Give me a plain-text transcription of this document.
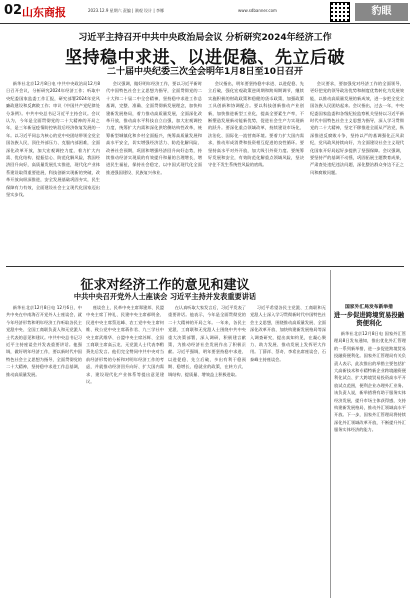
02 山东商报	2023.12.9 星期六 责编 | 满观 设计 | 李娜	www.sdbanner.com	豹眼
习近平主持召开中共中央政治局会议 分析研究2024年经济工作
坚持稳中求进、以进促稳、先立后破
二十届中央纪委三次全会明年1月8日至10日召开

新华社北京12月8日电 中共中央政治局12月8日召开会议，分析研究2024年经济工作；听取中央纪委国家监委工作汇报，研究部署2024年党风廉政建设和反腐败工作；审议《中国共产党纪律处分条例》。中共中央总书记习近平主持会议。会议认为，今年是全面贯彻党的二十大精神的开局之年，是三年新冠疫情防控转段后经济恢复发展的一年。以习近平同志为核心的党中央团结带领全党全国各族人民，顶住外部压力、克服内部困难，全面深化改革开放，加大宏观调控力度，着力扩大内需、优化结构、提振信心、防范化解风险，我国经济回升向好，高质量发展扎实推进，现代化产业体系建设取得重要进展，科技创新实现新的突破，改革开放向纵深推进，安全发展基础巩固夯实，民生保障有力有效，全面建设社会主义现代化国家迈出坚实步伐。

会议强调，做好明年经济工作，要以习近平新时代中国特色社会主义思想为指导，全面贯彻党的二十大和二十届二中全会精神，坚持稳中求进工作总基调，完整、准确、全面贯彻新发展理念，加快构建新发展格局，着力推动高质量发展，全面深化改革开放，推动高水平科技自立自强，加大宏观调控力度，统筹扩大内需和深化供给侧结构性改革，统筹新型城镇化和乡村全面振兴，统筹高质量发展和高水平安全，切实增强经济活力、防范化解风险、改善社会预期，巩固和增强经济回升向好态势，持续推动经济实现质的有效提升和量的合理增长，增进民生福祉，保持社会稳定，以中国式现代化全面推进强国建设、民族复兴伟业。

会议指出，明年要坚持稳中求进、以进促稳、先立后破，强化宏观政策逆周期和跨周期调节，继续实施积极的财政政策和稳健的货币政策，加强政策工具创新和协调配合。要以科技创新推动产业创新，加快推进新型工业化，提高全要素生产率，不断塑造发展新动能新优势，促进社会生产力实现新的跃升。要深化重点领域改革，持续建设市场化、法治化、国际化一流营商环境。要着力扩大国内需求，推动形成消费和投资相互促进的良性循环。要坚持高水平对外开放，加大吸引外资力度。要统筹好发展和安全，有效防范化解重点领域风险，坚决守住不发生系统性风险的底线。

会议要求，要加强党对经济工作的全面领导，更好把党的领导政治优势和制度优势转化为发展效能，以推动高质量发展的新成效，进一步把全党全国各族人民团结起来。会议指出，过去一年，中央纪委国家监委和各级纪检监察机关坚持以习近平新时代中国特色社会主义思想为指导，深入学习贯彻党的二十大精神，坚定不移推进全面从严治党，纵深推进反腐败斗争，坚持以严的基调强化正风肃纪，党风政风持续向好，为全面建设社会主义现代化国家开好局起好步提供了坚强保障。会议强调，要坚持严的基调不动摇，巩固拓展主题教育成果，严肃查处违纪违法问题，深化整治群众身边不正之风和腐败问题。

征求对经济工作的意见和建议
中共中央召开党外人士座谈会 习近平主持并发表重要讲话

新华社北京12月8日电 12月6日，中共中央在中南海召开党外人士座谈会，就今年经济形势和明年经济工作听取各民主党派中央、全国工商联负责人和无党派人士代表的意见和建议。中共中央总书记习近平主持座谈会并发表重要讲话。他强调，做好明年经济工作，要以新时代中国特色社会主义思想为指导，全面贯彻党的二十大精神，坚持稳中求进工作总基调，推动高质量发展。

座谈会上，民革中央主席郑建邦、民盟中央主席丁仲礼、民建中央主席郝明金、民进中央主席蔡达峰、农工党中央主席何维、致公党中央主席蒋作君、九三学社中央主席武维华、台盟中央主席苏辉、全国工商联主席高云龙、无党派人士代表李稻葵先后发言。他们完全赞同中共中央对当前经济形势的分析和对明年经济工作的考虑，并就推动经济回升向好、扩大国内需求、建设现代化产业体系等提出意见建议。

在认真听取大家发言后，习近平发表了重要讲话。他表示，今年是全面贯彻党的二十大精神的开局之年。一年来，各民主党派、工商联和无党派人士围绕中共中央重大决策部署，深入调研，积极建言献策，为推动经济社会发展作出了积极贡献。习近平强调，明年要坚持稳中求进、以进促稳、先立后破，多出有利于稳预期、稳增长、稳就业的政策，在转方式、调结构、提质量、增效益上积极进取。

习近平希望各民主党派、工商联和无党派人士深入学习贯彻新时代中国特色社会主义思想，围绕推动高质量发展、全面深化改革开放、加快构建新发展格局等深入调查研究，提出真知灼见，在凝心聚力、助力发展、推动发展上发挥更大作用。丁薛祥、蔡奇、李希出席座谈会，石泰峰主持座谈会。

国家外汇局发布新举措
进一步促进跨境贸易投融资便利化

新华社北京12月8日电 国家外汇管理局8日发布通知，推出优化外汇管理的一系列新举措，进一步促进跨境贸易投融资便利化。国家外汇管理局有关负责人表示，此次推出的举措主要包括扩大高新技术和专精特新企业跨境融资便利化试点、扩大跨境贸易投资高水平开放试点范围，便利企业办理外汇业务。该负责人说，新举措将有助于服务实体经济发展，提升市场主体获得感，支持构建新发展格局，推动外汇领域高水平开放。下一步，国家外汇管理局将持续深化外汇领域改革开放，不断提升外汇服务实体经济的能力。
